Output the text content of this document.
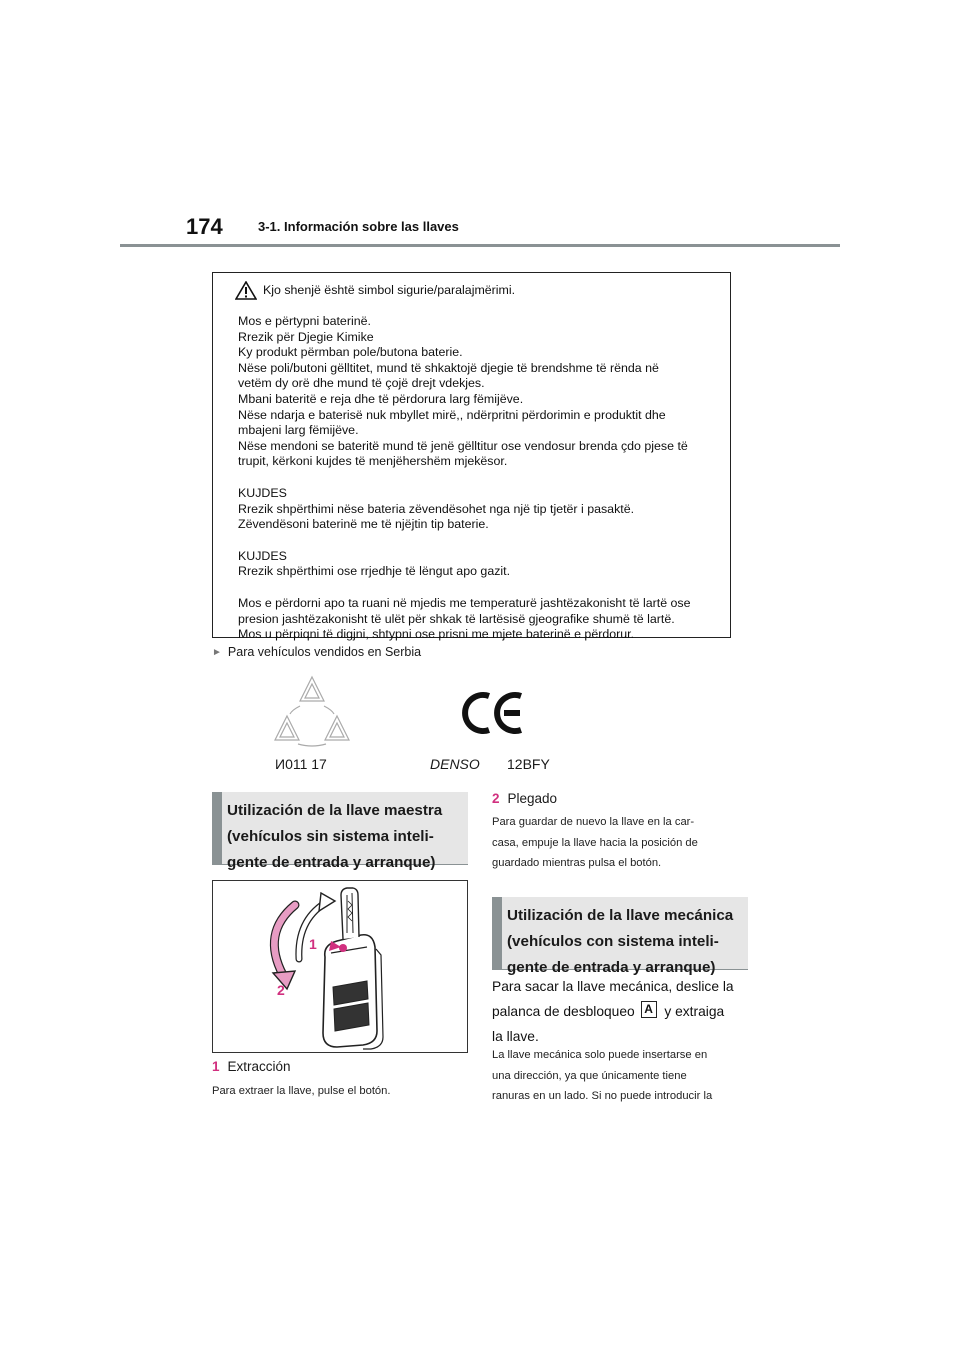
174	3-1. Información sobre las llaves
Kjo shenjë është simbol sigurie/paralajmërimi.
Mos e përtypni baterinë.
Rrezik për Djegie Kimike
Ky produkt përmban pole/butona baterie.
Nëse poli/butoni gëlltitet, mund të shkaktojë djegie të brendshme të rënda në
vetëm dy orë dhe mund të çojë drejt vdekjes.
Mbani bateritë e reja dhe të përdorura larg fëmijëve.
Nëse ndarja e baterisë nuk mbyllet mirë,, ndërpritni përdorimin e produktit dhe
mbajeni larg fëmijëve.
Nëse mendoni se bateritë mund të jenë gëlltitur ose vendosur brenda çdo pjese të
trupit, kërkoni kujdes të menjëhershëm mjekësor.
KUJDES
Rrezik shpërthimi nëse bateria zëvendësohet nga një tip tjetër i pasaktë.
Zëvendësoni baterinë me të njëjtin tip baterie.
KUJDES
Rrezik shpërthimi ose rrjedhje të lëngut apo gazit.
Mos e përdorni apo ta ruani në mjedis me temperaturë jashtëzakonisht të lartë ose
presion jashtëzakonisht të ulët për shkak të lartësisë gjeografike shumë të lartë.
Mos u përpiqni të digjni, shtypni ose prisni me mjete baterinë e përdorur.
► Para vehículos vendidos en Serbia
И011 17	DENSO 12BFY
Utilización de la llave maestra
(vehículos sin sistema inteli-
gente de entrada y arranque)
1
2
1 Extracción
Para extraer la llave, pulse el botón.
2 Plegado
Para guardar de nuevo la llave en la car-
casa, empuje la llave hacia la posición de
guardado mientras pulsa el botón.
Utilización de la llave mecánica
(vehículos con sistema inteli-
gente de entrada y arranque)
Para sacar la llave mecánica, deslice la
palanca de desbloqueo A y extraiga
la llave.
La llave mecánica solo puede insertarse en
una dirección, ya que únicamente tiene
ranuras en un lado. Si no puede introducir la
